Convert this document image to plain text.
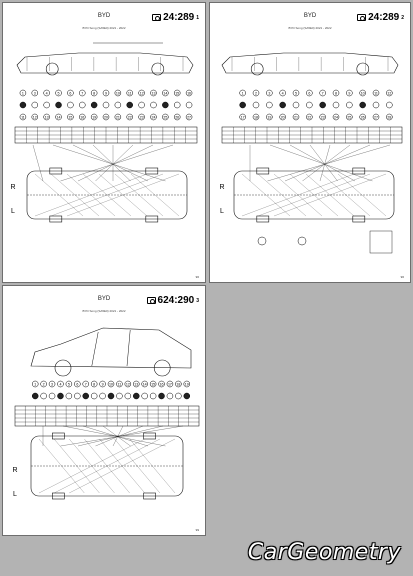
BYD
BYD Song (SA5E0) 2021 - 2022
24:289 1
1	3	4	5	6	7	8	9 10 11 12 13 14 15 16
11 12 13 14 15 16 19 20 21 22 23 24 25 26 27
R
L
96
BYD
BYD Song (SA5E0) 2021 - 2022
24:289 2
1	2	3	4	5	6	7	8	9	10	11	12
17	18	19	20	21	22	23	24	25	26	27	28
R
L
96
BYD
BYD Song (SA5E0) 2021 - 2022
624:290 3
1 2 3 4 5 6 7 8 9 10 11 12 13 14 15 16 17 18 19
R
L
99
CarGeometry
